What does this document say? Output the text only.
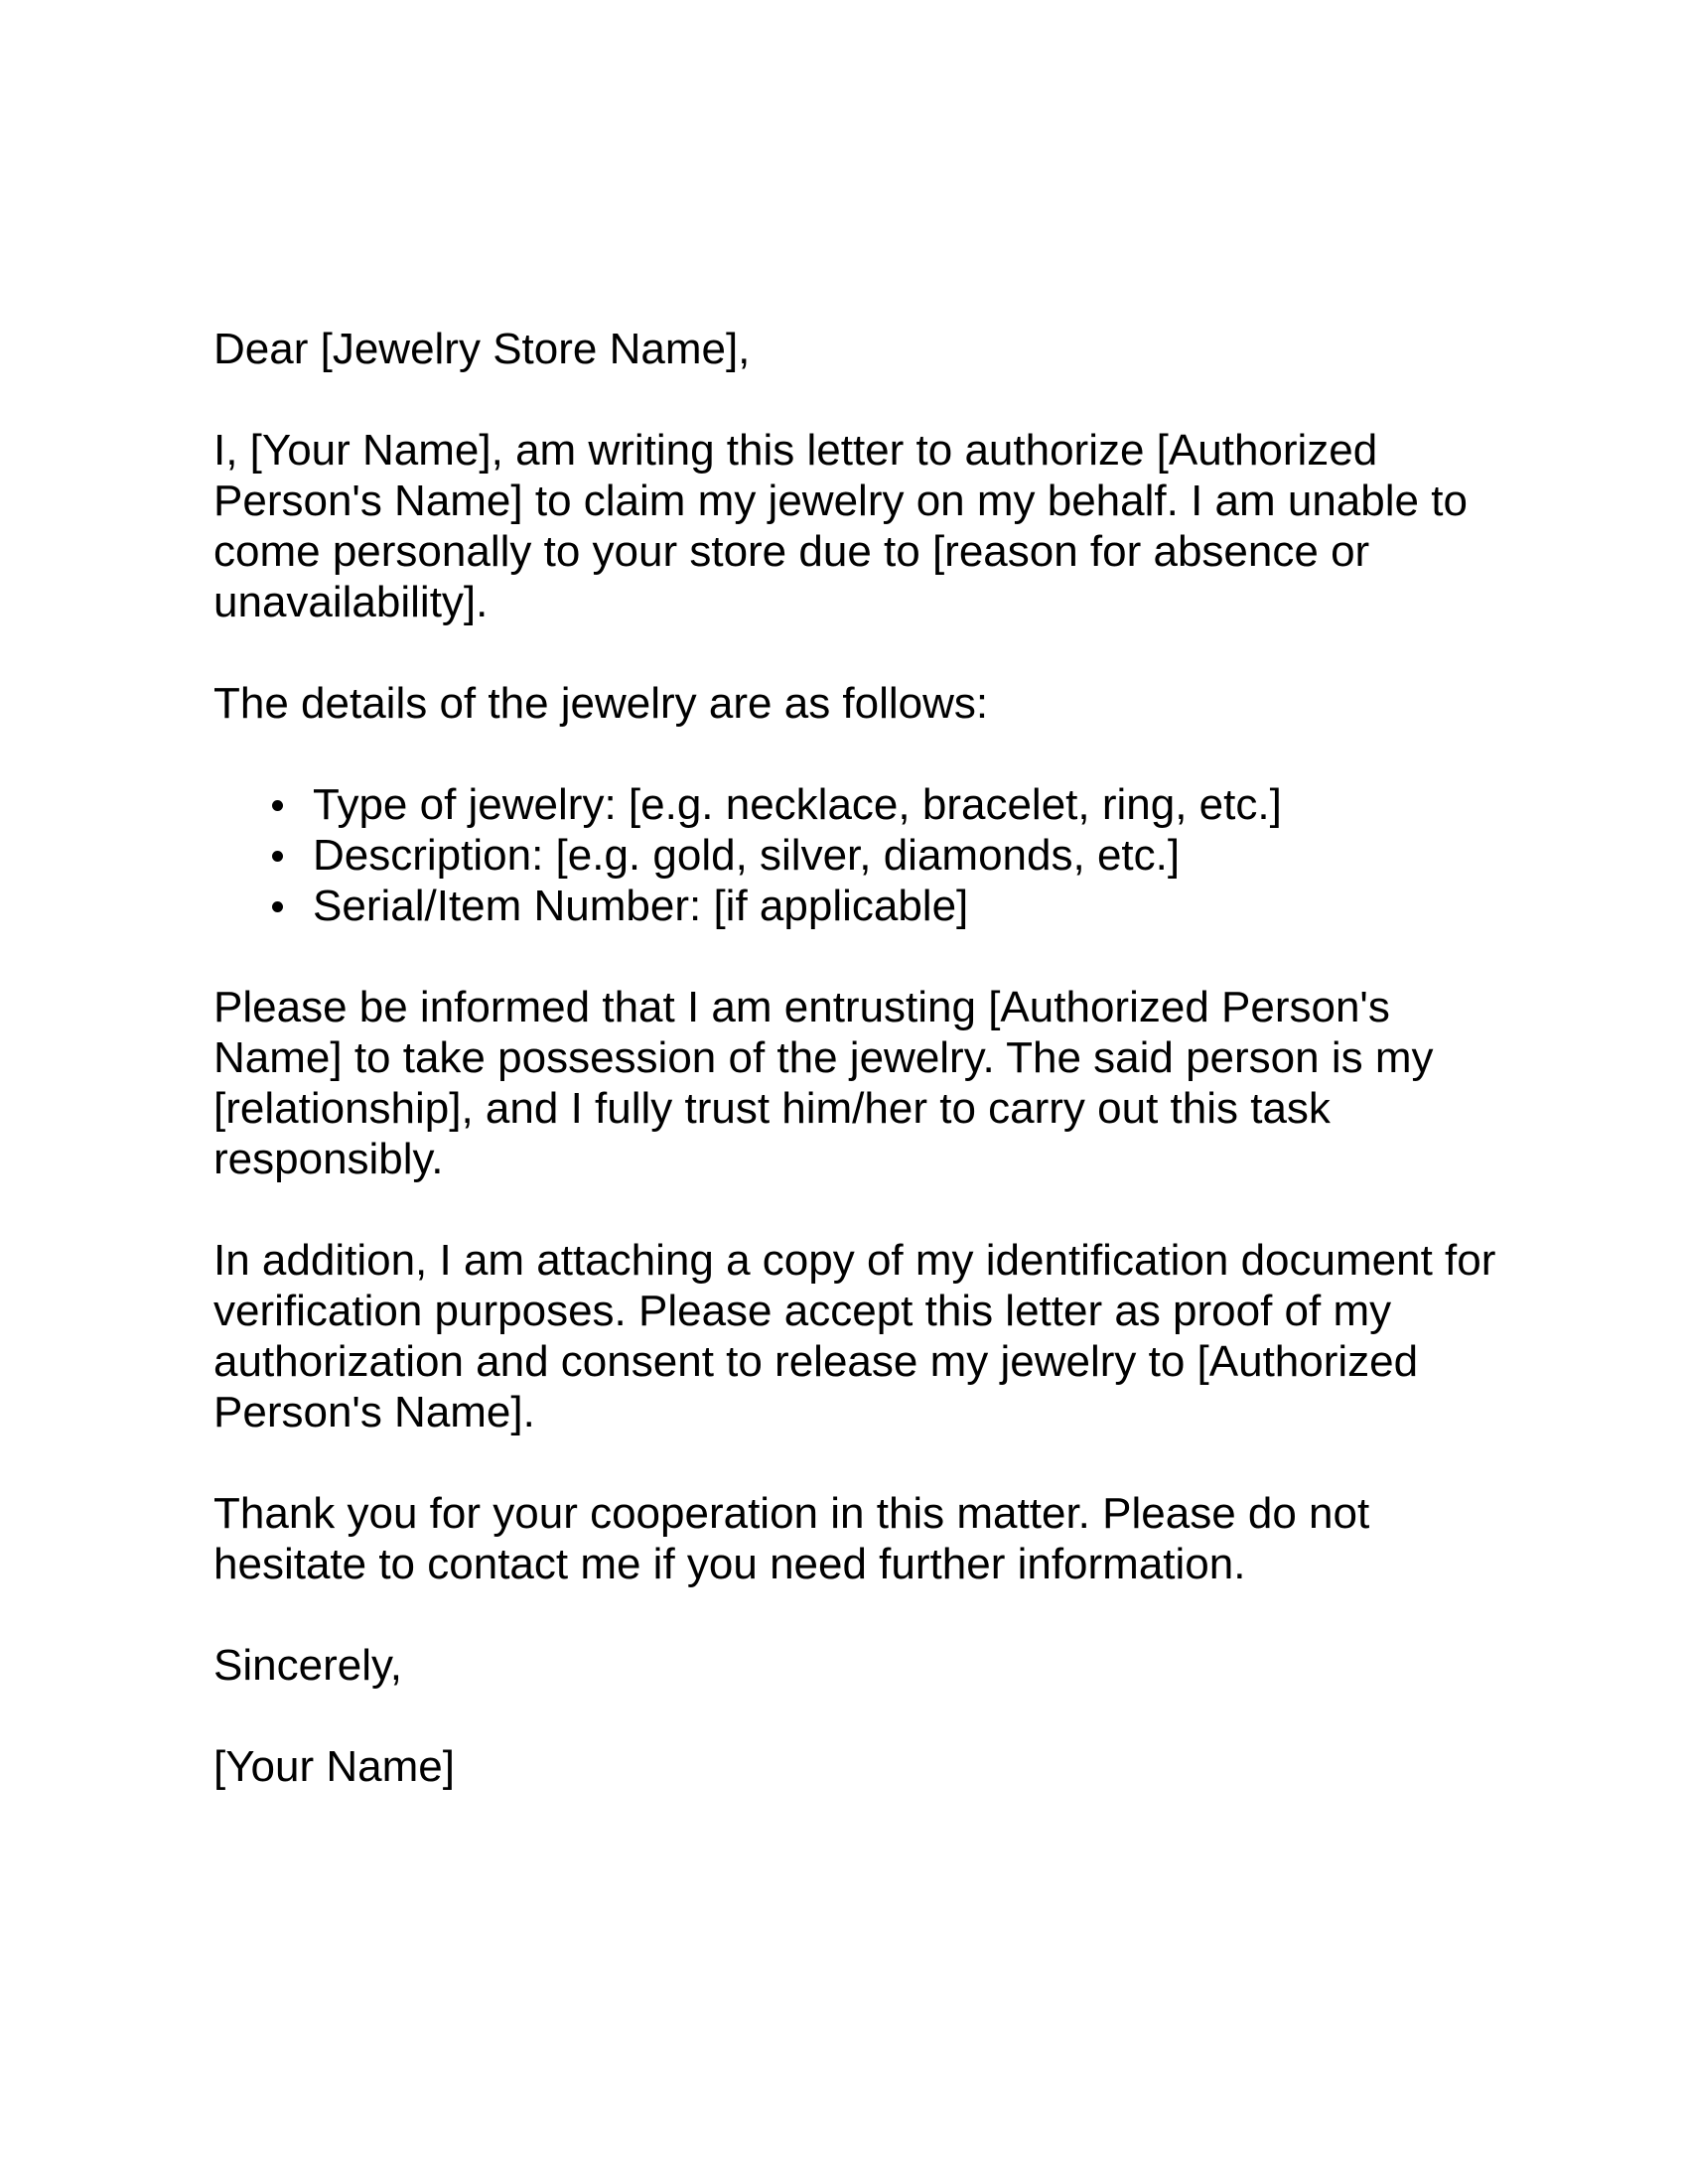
Dear [Jewelry Store Name],

I, [Your Name], am writing this letter to authorize [Authorized
Person's Name] to claim my jewelry on my behalf. I am unable to
come personally to your store due to [reason for absence or
unavailability].

The details of the jewelry are as follows:

Type of jewelry: [e.g. necklace, bracelet, ring, etc.]
Description: [e.g. gold, silver, diamonds, etc.]
Serial/Item Number: [if applicable]

Please be informed that I am entrusting [Authorized Person's
Name] to take possession of the jewelry. The said person is my
[relationship], and I fully trust him/her to carry out this task
responsibly.

In addition, I am attaching a copy of my identification document for
verification purposes. Please accept this letter as proof of my
authorization and consent to release my jewelry to [Authorized
Person's Name].

Thank you for your cooperation in this matter. Please do not
hesitate to contact me if you need further information.

Sincerely,

[Your Name]
